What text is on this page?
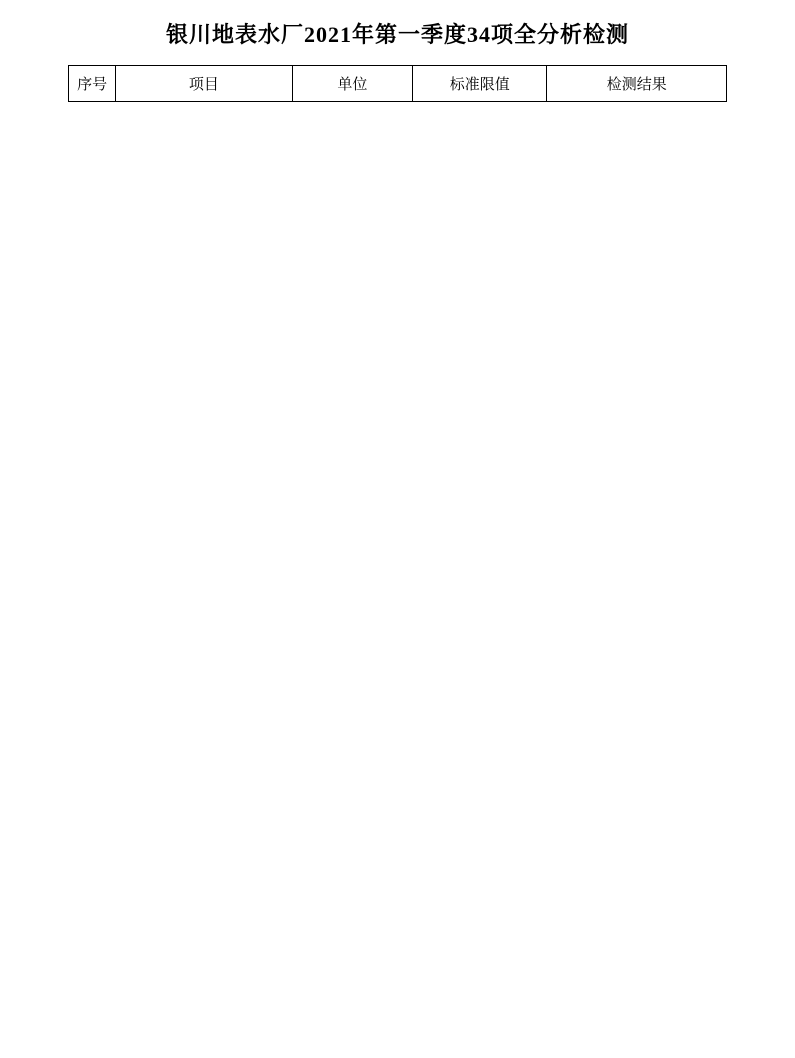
银川地表水厂2021年第一季度34项全分析检测
序号	项目	单位	标准限值	检测结果
